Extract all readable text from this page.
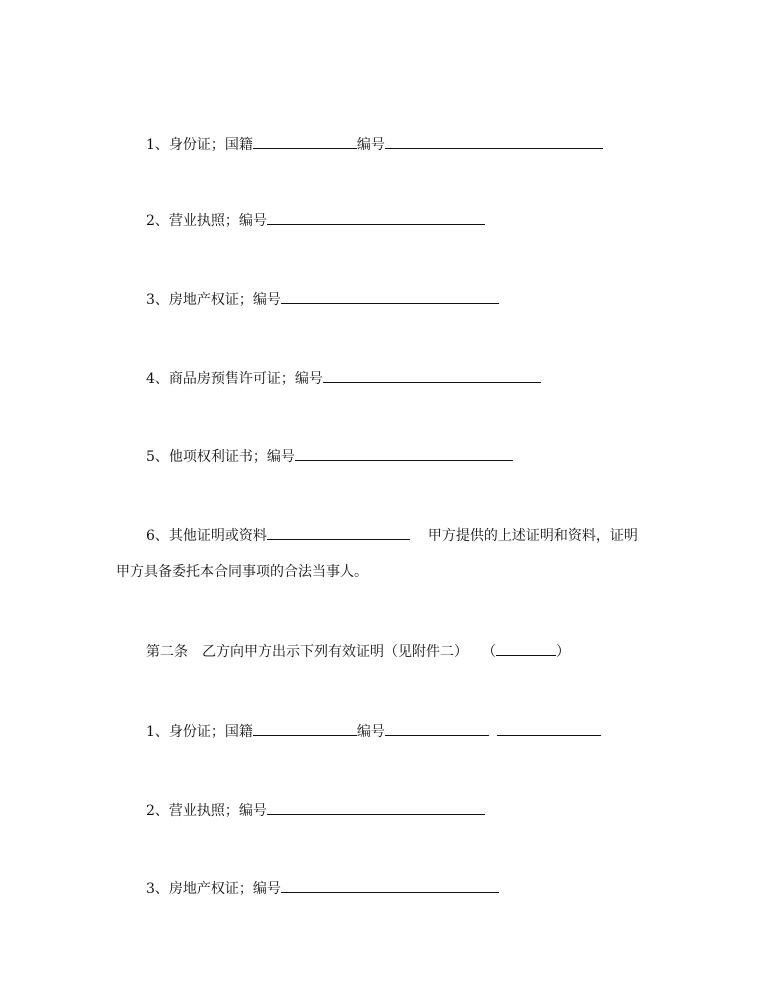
1、身份证；国籍	编号
2、营业执照；编号
3、房地产权证；编号
4、商品房预售许可证；编号
5、他项权利证书；编号
6、其他证明或资料	甲方提供的上述证明和资料，证明
甲方具备委托本合同事项的合法当事人。
第二条 乙方向甲方出示下列有效证明（见附件二） （	）
1、身份证；国籍	编号
2、营业执照；编号
3、房地产权证；编号
